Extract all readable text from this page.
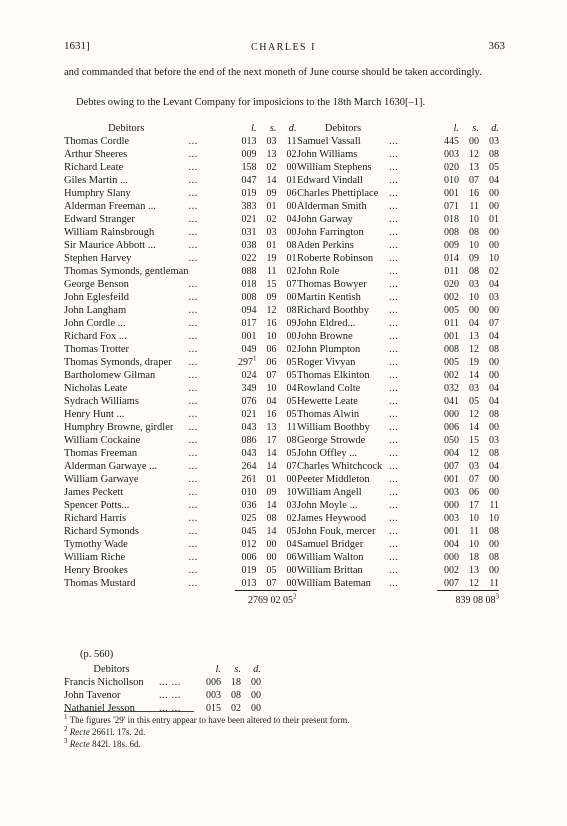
1631]	CHARLES I	363
and commanded that before the end of the next moneth of June course should be taken accordingly.
Debtes owing to the Levant Company for imposicions to the 18th March 1630[–1].
Debitors		l.	s.	d.
Thomas Cordle	...	013	03	11
Arthur Sheeres	...	009	13	02
Richard Leate	...	158	02	00
Giles Martin ...	...	047	14	01
Humphry Slany	...	019	09	06
Alderman Freeman ...	...	383	01	00
Edward Stranger	...	021	02	04
William Rainsbrough	...	031	03	00
Sir Maurice Abbott ...	...	038	01	08
Stephen Harvey	...	022	19	01
Thomas Symonds, gentleman		088	11	02
George Benson	...	018	15	07
John Eglesfeild	...	008	09	00
John Langham	...	094	12	08
John Cordle ...	...	017	16	09
Richard Fox ...	...	001	10	00
Thomas Trotter	...	049	06	02
Thomas Symonds, draper	...	$297^1$	06	05
Bartholomew Gilman	...	024	07	05
Nicholas Leate	...	349	10	04
Sydrach Williams	...	076	04	05
Henry Hunt ...	...	021	16	05
Humphry Browne, girdler	...	043	13	11
William Cockaine	...	086	17	08
Thomas Freeman	...	043	14	05
Alderman Garwaye ...	...	264	14	07
William Garwaye	...	261	01	00
James Peckett	...	010	09	10
Spencer Potts...	...	036	14	03
Richard Harris	...	025	08	02
Richard Symonds	...	045	14	05
Tymothy Wade	...	012	00	04
William Riche	...	006	00	06
Henry Brookes	...	019	05	00
Thomas Mustard	...	013	07	00
		2769 02 $05^2$
Debitors		l.	s.	d.
Samuel Vassall	...	445	00	03
John Williams	...	003	12	08
William Stephens	...	020	13	05
Edward Vindall	...	010	07	04
Charles Phettiplace	...	001	16	00
Alderman Smith	...	071	11	00
John Garway	...	018	10	01
John Farrington	...	008	08	00
Aden Perkins	...	009	10	00
Roberte Robinson	...	014	09	10
John Role	...	011	08	02
Thomas Bowyer	...	020	03	04
Martin Kentish	...	002	10	03
Richard Boothby	...	005	00	00
John Eldred...	...	011	04	07
John Browne	...	001	13	04
John Plumpton	...	008	12	08
Roger Vivyan	...	005	19	00
Thomas Elkinton	...	002	14	00
Rowland Colte	...	032	03	04
Hewette Leate	...	041	05	04
Thomas Alwin	...	000	12	08
William Boothby	...	006	14	00
George Strowde	...	050	15	03
John Offley ...	...	004	12	08
Charles Whitchcock	...	007	03	04
Peeter Middleton	...	001	07	00
William Angell	...	003	06	00
John Moyle ...	...	000	17	11
James Heywood	...	003	10	10
John Fouk, mercer	...	001	11	08
Samuel Bridger	...	004	10	00
William Walton	...	000	18	08
William Brittan	...	002	13	00
William Bateman	...	007	12	11
		839 08 $08^3$
(p. 560)
Debitors		l.	s.	d.
Francis Nichollson	... ...	006	18	00
John Tavenor	... ...	003	08	00
Nathaniel Jesson	... ...	015	02	00
$^1$ The figures '29' in this entry appear to have been altered to their present form.
$^2$ Recte 2661l. 17s. 2d.
$^3$ Recte 842l. 18s. 6d.
